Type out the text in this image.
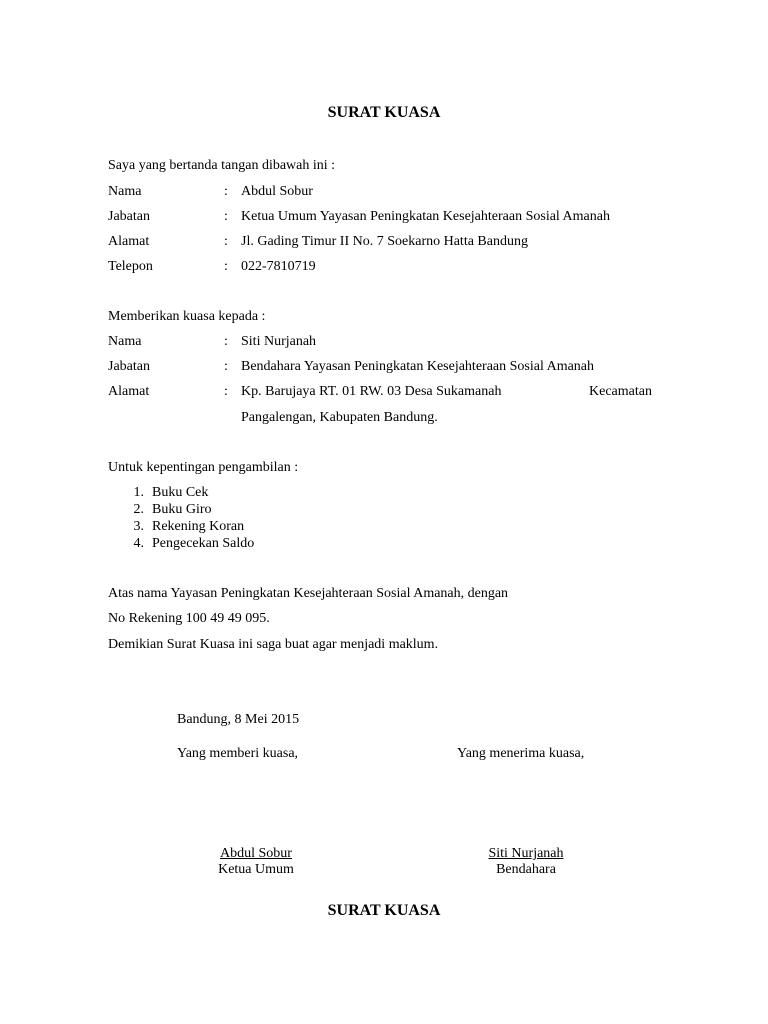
SURAT KUASA
Saya yang bertanda tangan dibawah ini :
Nama	: Abdul Sobur
Jabatan	: Ketua Umum Yayasan Peningkatan Kesejahteraan Sosial Amanah
Alamat	: Jl. Gading Timur II No. 7 Soekarno Hatta Bandung
Telepon	: 022-7810719
Memberikan kuasa kepada :
Nama	: Siti Nurjanah
Jabatan	: Bendahara Yayasan Peningkatan Kesejahteraan Sosial Amanah
Alamat	: Kp. Barujaya RT. 01 RW. 03 Desa Sukamanah	Kecamatan
Pangalengan, Kabupaten Bandung.
Untuk kepentingan pengambilan :
1. Buku Cek
2. Buku Giro
3. Rekening Koran
4. Pengecekan Saldo
Atas nama Yayasan Peningkatan Kesejahteraan Sosial Amanah, dengan
No Rekening 100 49 49 095.
Demikian Surat Kuasa ini saga buat agar menjadi maklum.
Bandung, 8 Mei 2015
Yang memberi kuasa,	Yang menerima kuasa,
Abdul Sobur	Siti Nurjanah
Ketua Umum	Bendahara
SURAT KUASA
